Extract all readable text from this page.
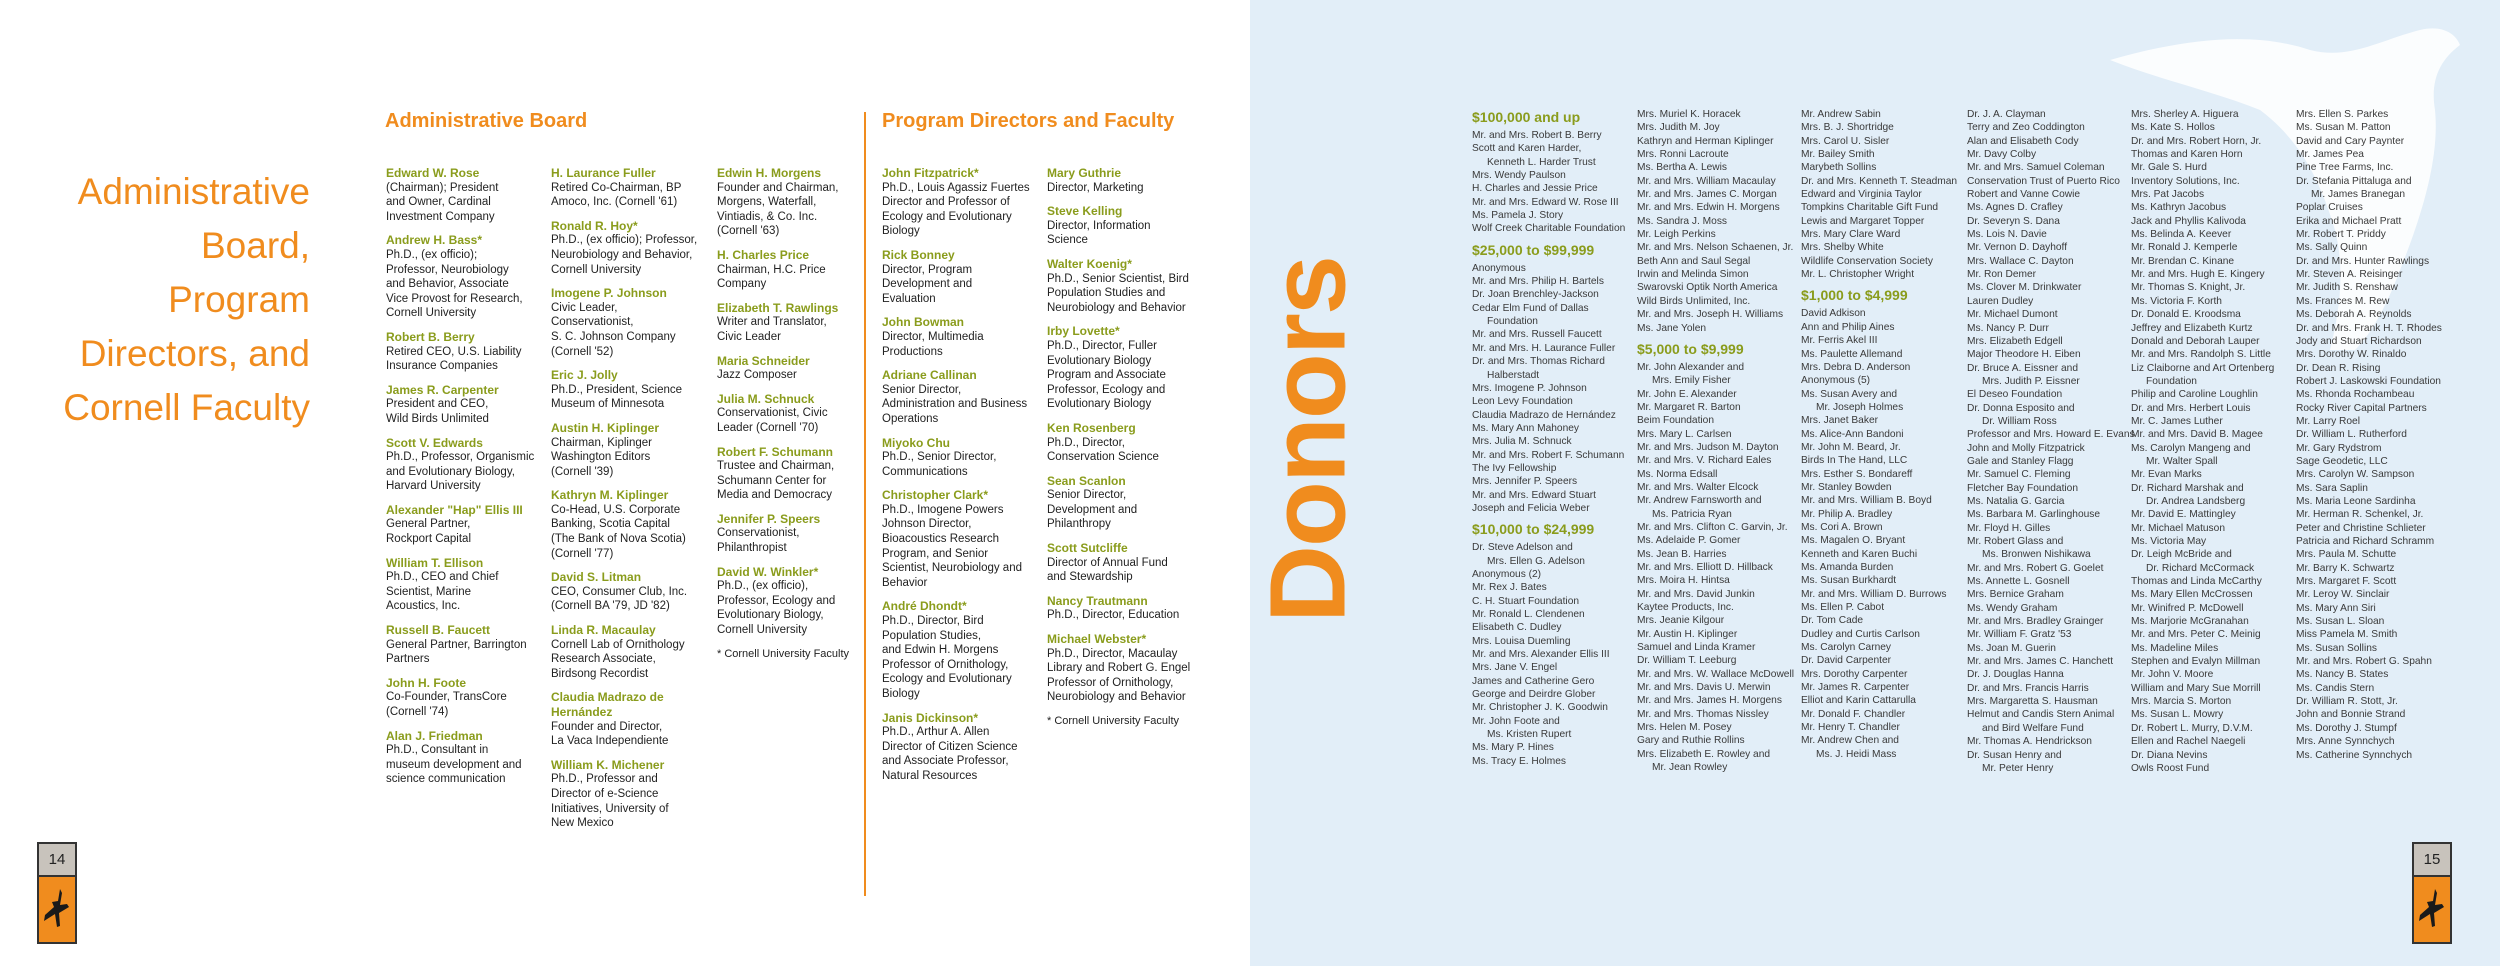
Administrative
Board, Program
Directors, and
Cornell Faculty
Administrative Board	Program Directors and Faculty
Edward W. Rose
(Chairman); President
and Owner, Cardinal
Investment Company
Andrew H. Bass*
Ph.D., (ex officio);
Professor, Neurobiology
and Behavior, Associate
Vice Provost for Research,
Cornell University
Robert B. Berry
Retired CEO, U.S. Liability
Insurance Companies
James R. Carpenter
President and CEO,
Wild Birds Unlimited
Scott V. Edwards
Ph.D., Professor, Organismic
and Evolutionary Biology,
Harvard University
Alexander "Hap" Ellis III
General Partner,
Rockport Capital
William T. Ellison
Ph.D., CEO and Chief
Scientist, Marine
Acoustics, Inc.
Russell B. Faucett
General Partner, Barrington
Partners
John H. Foote
Co-Founder, TransCore
(Cornell '74)
Alan J. Friedman
Ph.D., Consultant in
museum development and
science communication
H. Laurance Fuller
Retired Co-Chairman, BP
Amoco, Inc. (Cornell '61)
Ronald R. Hoy*
Ph.D., (ex officio); Professor,
Neurobiology and Behavior,
Cornell University
Imogene P. Johnson
Civic Leader,
Conservationist,
S. C. Johnson Company
(Cornell '52)
Eric J. Jolly
Ph.D., President, Science
Museum of Minnesota
Austin H. Kiplinger
Chairman, Kiplinger
Washington Editors
(Cornell '39)
Kathryn M. Kiplinger
Co-Head, U.S. Corporate
Banking, Scotia Capital
(The Bank of Nova Scotia)
(Cornell '77)
David S. Litman
CEO, Consumer Club, Inc.
(Cornell BA '79, JD '82)
Linda R. Macaulay
Cornell Lab of Ornithology
Research Associate,
Birdsong Recordist
Claudia Madrazo de
Hernández
Founder and Director,
La Vaca Independiente
William K. Michener
Ph.D., Professor and
Director of e-Science
Initiatives, University of
New Mexico
Edwin H. Morgens
Founder and Chairman,
Morgens, Waterfall,
Vintiadis, & Co. Inc.
(Cornell '63)
H. Charles Price
Chairman, H.C. Price
Company
Elizabeth T. Rawlings
Writer and Translator,
Civic Leader
Maria Schneider
Jazz Composer
Julia M. Schnuck
Conservationist, Civic
Leader (Cornell '70)
Robert F. Schumann
Trustee and Chairman,
Schumann Center for
Media and Democracy
Jennifer P. Speers
Conservationist,
Philanthropist
David W. Winkler*
Ph.D., (ex officio),
Professor, Ecology and
Evolutionary Biology,
Cornell University
* Cornell University Faculty
John Fitzpatrick*
Ph.D., Louis Agassiz Fuertes
Director and Professor of
Ecology and Evolutionary
Biology
Rick Bonney
Director, Program
Development and
Evaluation
John Bowman
Director, Multimedia
Productions
Adriane Callinan
Senior Director,
Administration and Business
Operations
Miyoko Chu
Ph.D., Senior Director,
Communications
Christopher Clark*
Ph.D., Imogene Powers
Johnson Director,
Bioacoustics Research
Program, and Senior
Scientist, Neurobiology and
Behavior
André Dhondt*
Ph.D., Director, Bird
Population Studies,
and Edwin H. Morgens
Professor of Ornithology,
Ecology and Evolutionary
Biology
Janis Dickinson*
Ph.D., Arthur A. Allen
Director of Citizen Science
and Associate Professor,
Natural Resources
Mary Guthrie
Director, Marketing
Steve Kelling
Director, Information
Science
Walter Koenig*
Ph.D., Senior Scientist, Bird
Population Studies and
Neurobiology and Behavior
Irby Lovette*
Ph.D., Director, Fuller
Evolutionary Biology
Program and Associate
Professor, Ecology and
Evolutionary Biology
Ken Rosenberg
Ph.D., Director,
Conservation Science
Sean Scanlon
Senior Director,
Development and
Philanthropy
Scott Sutcliffe
Director of Annual Fund
and Stewardship
Nancy Trautmann
Ph.D., Director, Education
Michael Webster*
Ph.D., Director, Macaulay
Library and Robert G. Engel
Professor of Ornithology,
Neurobiology and Behavior
* Cornell University Faculty
14
Donors
$100,000 and up
Mr. and Mrs. Robert B. Berry
Scott and Karen Harder,
Kenneth L. Harder Trust
Mrs. Wendy Paulson
H. Charles and Jessie Price
Mr. and Mrs. Edward W. Rose III
Ms. Pamela J. Story
Wolf Creek Charitable Foundation
$25,000 to $99,999
Anonymous
Mr. and Mrs. Philip H. Bartels
Dr. Joan Brenchley-Jackson
Cedar Elm Fund of Dallas
Foundation
Mr. and Mrs. Russell Faucett
Mr. and Mrs. H. Laurance Fuller
Dr. and Mrs. Thomas Richard
Halberstadt
Mrs. Imogene P. Johnson
Leon Levy Foundation
Claudia Madrazo de Hernández
Ms. Mary Ann Mahoney
Mrs. Julia M. Schnuck
Mr. and Mrs. Robert F. Schumann
The Ivy Fellowship
Mrs. Jennifer P. Speers
Mr. and Mrs. Edward Stuart
Joseph and Felicia Weber
$10,000 to $24,999
Dr. Steve Adelson and
Mrs. Ellen G. Adelson
Anonymous (2)
Mr. Rex J. Bates
C. H. Stuart Foundation
Mr. Ronald L. Clendenen
Elisabeth C. Dudley
Mrs. Louisa Duemling
Mr. and Mrs. Alexander Ellis III
Mrs. Jane V. Engel
James and Catherine Gero
George and Deirdre Glober
Mr. Christopher J. K. Goodwin
Mr. John Foote and
Ms. Kristen Rupert
Ms. Mary P. Hines
Ms. Tracy E. Holmes
Mrs. Muriel K. Horacek
Mrs. Judith M. Joy
Kathryn and Herman Kiplinger
Mrs. Ronni Lacroute
Ms. Bertha A. Lewis
Mr. and Mrs. William Macaulay
Mr. and Mrs. James C. Morgan
Mr. and Mrs. Edwin H. Morgens
Ms. Sandra J. Moss
Mr. Leigh Perkins
Mr. and Mrs. Nelson Schaenen, Jr.
Beth Ann and Saul Segal
Irwin and Melinda Simon
Swarovski Optik North America
Wild Birds Unlimited, Inc.
Mr. and Mrs. Joseph H. Williams
Ms. Jane Yolen
$5,000 to $9,999
Mr. John Alexander and
Mrs. Emily Fisher
Mr. John E. Alexander
Mr. Margaret R. Barton
Beim Foundation
Mrs. Mary L. Carlsen
Mr. and Mrs. Judson M. Dayton
Mr. and Mrs. V. Richard Eales
Ms. Norma Edsall
Mr. and Mrs. Walter Elcock
Mr. Andrew Farnsworth and
Ms. Patricia Ryan
Mr. and Mrs. Clifton C. Garvin, Jr.
Ms. Adelaide P. Gomer
Ms. Jean B. Harries
Mr. and Mrs. Elliott D. Hillback
Mrs. Moira H. Hintsa
Mr. and Mrs. David Junkin
Kaytee Products, Inc.
Mrs. Jeanie Kilgour
Mr. Austin H. Kiplinger
Samuel and Linda Kramer
Dr. William T. Leeburg
Mr. and Mrs. W. Wallace McDowell
Mr. and Mrs. Davis U. Merwin
Mr. and Mrs. James H. Morgens
Mr. and Mrs. Thomas Nissley
Mrs. Helen M. Posey
Gary and Ruthie Rollins
Mrs. Elizabeth E. Rowley and
Mr. Jean Rowley
Mr. Andrew Sabin
Mrs. B. J. Shortridge
Mrs. Carol U. Sisler
Mr. Bailey Smith
Marybeth Sollins
Dr. and Mrs. Kenneth T. Steadman
Edward and Virginia Taylor
Tompkins Charitable Gift Fund
Lewis and Margaret Topper
Mrs. Mary Clare Ward
Mrs. Shelby White
Wildlife Conservation Society
Mr. L. Christopher Wright
$1,000 to $4,999
David Adkison
Ann and Philip Aines
Mr. Ferris Akel III
Ms. Paulette Allemand
Mrs. Debra D. Anderson
Anonymous (5)
Ms. Susan Avery and
Mr. Joseph Holmes
Mrs. Janet Baker
Ms. Alice-Ann Bandoni
Mr. John M. Beard, Jr.
Birds In The Hand, LLC
Mrs. Esther S. Bondareff
Mr. Stanley Bowden
Mr. and Mrs. William B. Boyd
Mr. Philip A. Bradley
Ms. Cori A. Brown
Ms. Magalen O. Bryant
Kenneth and Karen Buchi
Ms. Amanda Burden
Ms. Susan Burkhardt
Mr. and Mrs. William D. Burrows
Ms. Ellen P. Cabot
Dr. Tom Cade
Dudley and Curtis Carlson
Ms. Carolyn Carney
Dr. David Carpenter
Mrs. Dorothy Carpenter
Mr. James R. Carpenter
Elliot and Karin Cattarulla
Mr. Donald F. Chandler
Mr. Henry T. Chandler
Mr. Andrew Chen and
Ms. J. Heidi Mass
Dr. J. A. Clayman
Terry and Zeo Coddington
Alan and Elisabeth Cody
Mr. Davy Colby
Mr. and Mrs. Samuel Coleman
Conservation Trust of Puerto Rico
Robert and Vanne Cowie
Ms. Agnes D. Crafley
Dr. Severyn S. Dana
Ms. Lois N. Davie
Mr. Vernon D. Dayhoff
Mrs. Wallace C. Dayton
Mr. Ron Demer
Ms. Clover M. Drinkwater
Lauren Dudley
Mr. Michael Dumont
Ms. Nancy P. Durr
Mrs. Elizabeth Edgell
Major Theodore H. Eiben
Dr. Bruce A. Eissner and
Mrs. Judith P. Eissner
El Deseo Foundation
Dr. Donna Esposito and
Dr. William Ross
Professor and Mrs. Howard E. Evans
John and Molly Fitzpatrick
Gale and Stanley Flagg
Mr. Samuel C. Fleming
Fletcher Bay Foundation
Ms. Natalia G. Garcia
Ms. Barbara M. Garlinghouse
Mr. Floyd H. Gilles
Mr. Robert Glass and
Ms. Bronwen Nishikawa
Mr. and Mrs. Robert G. Goelet
Ms. Annette L. Gosnell
Mrs. Bernice Graham
Ms. Wendy Graham
Mr. and Mrs. Bradley Grainger
Mr. William F. Gratz '53
Ms. Joan M. Guerin
Mr. and Mrs. James C. Hanchett
Dr. J. Douglas Hanna
Dr. and Mrs. Francis Harris
Mrs. Margaretta S. Hausman
Helmut and Candis Stern Animal
and Bird Welfare Fund
Mr. Thomas A. Hendrickson
Dr. Susan Henry and
Mr. Peter Henry
Mrs. Sherley A. Higuera
Ms. Kate S. Hollos
Dr. and Mrs. Robert Horn, Jr.
Thomas and Karen Horn
Mr. Gale S. Hurd
Inventory Solutions, Inc.
Mrs. Pat Jacobs
Ms. Kathryn Jacobus
Jack and Phyllis Kalivoda
Ms. Belinda A. Keever
Mr. Ronald J. Kemperle
Mr. Brendan C. Kinane
Mr. and Mrs. Hugh E. Kingery
Mr. Thomas S. Knight, Jr.
Ms. Victoria F. Korth
Dr. Donald E. Kroodsma
Jeffrey and Elizabeth Kurtz
Donald and Deborah Lauper
Mr. and Mrs. Randolph S. Little
Liz Claiborne and Art Ortenberg
Foundation
Philip and Caroline Loughlin
Dr. and Mrs. Herbert Louis
Mr. C. James Luther
Mr. and Mrs. David B. Magee
Ms. Carolyn Mangeng and
Mr. Walter Spall
Mr. Evan Marks
Dr. Richard Marshak and
Dr. Andrea Landsberg
Mr. David E. Mattingley
Mr. Michael Matuson
Ms. Victoria May
Dr. Leigh McBride and
Dr. Richard McCormack
Thomas and Linda McCarthy
Ms. Mary Ellen McCrossen
Mr. Winifred P. McDowell
Ms. Marjorie McGranahan
Mr. and Mrs. Peter C. Meinig
Ms. Madeline Miles
Stephen and Evalyn Millman
Mr. John V. Moore
William and Mary Sue Morrill
Mrs. Marcia S. Morton
Ms. Susan L. Mowry
Dr. Robert L. Murry, D.V.M.
Ellen and Rachel Naegeli
Dr. Diana Nevins
Owls Roost Fund
Mrs. Ellen S. Parkes
Ms. Susan M. Patton
David and Cary Paynter
Mr. James Pea
Pine Tree Farms, Inc.
Dr. Stefania Pittaluga and
Mr. James Branegan
Poplar Cruises
Erika and Michael Pratt
Mr. Robert T. Priddy
Ms. Sally Quinn
Dr. and Mrs. Hunter Rawlings
Mr. Steven A. Reisinger
Mr. Judith S. Renshaw
Ms. Frances M. Rew
Ms. Deborah A. Reynolds
Dr. and Mrs. Frank H. T. Rhodes
Jody and Stuart Richardson
Mrs. Dorothy W. Rinaldo
Dr. Dean R. Rising
Robert J. Laskowski Foundation
Ms. Rhonda Rochambeau
Rocky River Capital Partners
Mr. Larry Roel
Dr. William L. Rutherford
Mr. Gary Rydstrom
Sage Geodetic, LLC
Mrs. Carolyn W. Sampson
Ms. Sara Saplin
Ms. Maria Leone Sardinha
Mr. Herman R. Schenkel, Jr.
Peter and Christine Schlieter
Patricia and Richard Schramm
Mrs. Paula M. Schutte
Mr. Barry K. Schwartz
Mrs. Margaret F. Scott
Mr. Leroy W. Sinclair
Ms. Mary Ann Siri
Ms. Susan L. Sloan
Miss Pamela M. Smith
Ms. Susan Sollins
Mr. and Mrs. Robert G. Spahn
Ms. Nancy B. States
Ms. Candis Stern
Dr. William R. Stott, Jr.
John and Bonnie Strand
Ms. Dorothy J. Stumpf
Mrs. Anne Synnchych
Ms. Catherine Synnchych
15
